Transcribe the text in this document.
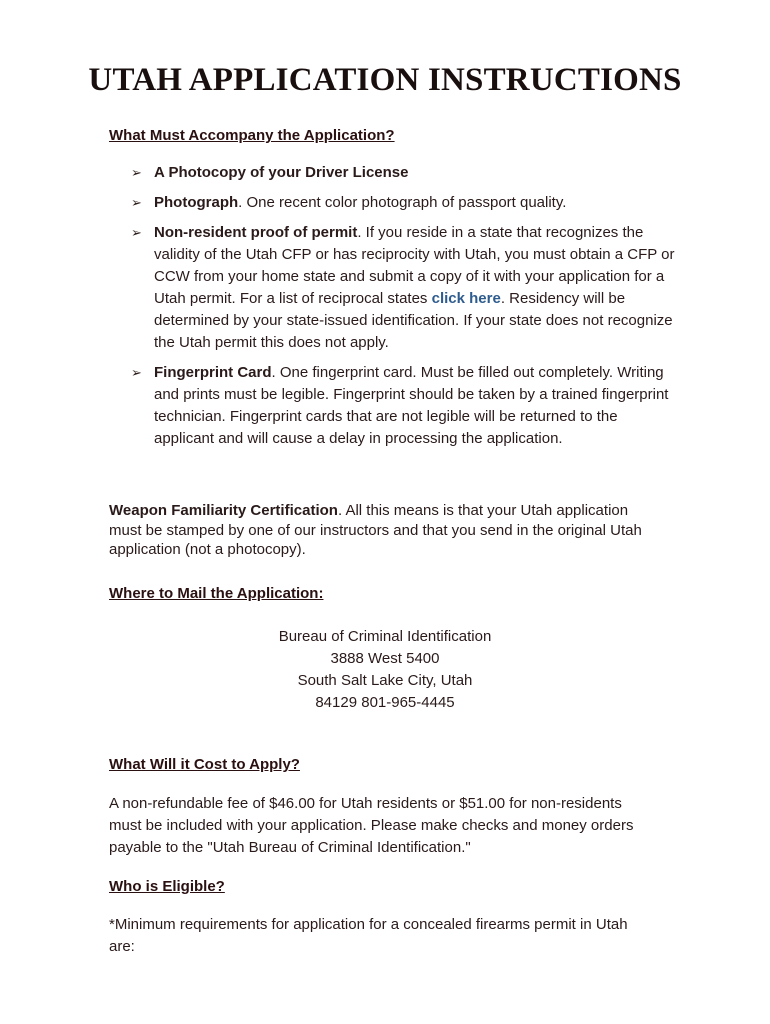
UTAH APPLICATION INSTRUCTIONS

What Must Accompany the Application?

➢ A Photocopy of your Driver License
➢ Photograph. One recent color photograph of passport quality.
➢ Non-resident proof of permit. If you reside in a state that recognizes the validity of the Utah CFP or has reciprocity with Utah, you must obtain a CFP or CCW from your home state and submit a copy of it with your application for a Utah permit. For a list of reciprocal states click here. Residency will be determined by your state-issued identification. If your state does not recognize the Utah permit this does not apply.
➢ Fingerprint Card. One fingerprint card. Must be filled out completely. Writing and prints must be legible. Fingerprint should be taken by a trained fingerprint technician. Fingerprint cards that are not legible will be returned to the applicant and will cause a delay in processing the application.

Weapon Familiarity Certification. All this means is that your Utah application must be stamped by one of our instructors and that you send in the original Utah application (not a photocopy).

Where to Mail the Application:

Bureau of Criminal Identification
3888 West 5400
South Salt Lake City, Utah
84129 801-965-4445

What Will it Cost to Apply?

A non-refundable fee of $46.00 for Utah residents or $51.00 for non-residents must be included with your application. Please make checks and money orders payable to the "Utah Bureau of Criminal Identification."

Who is Eligible?

*Minimum requirements for application for a concealed firearms permit in Utah are:
